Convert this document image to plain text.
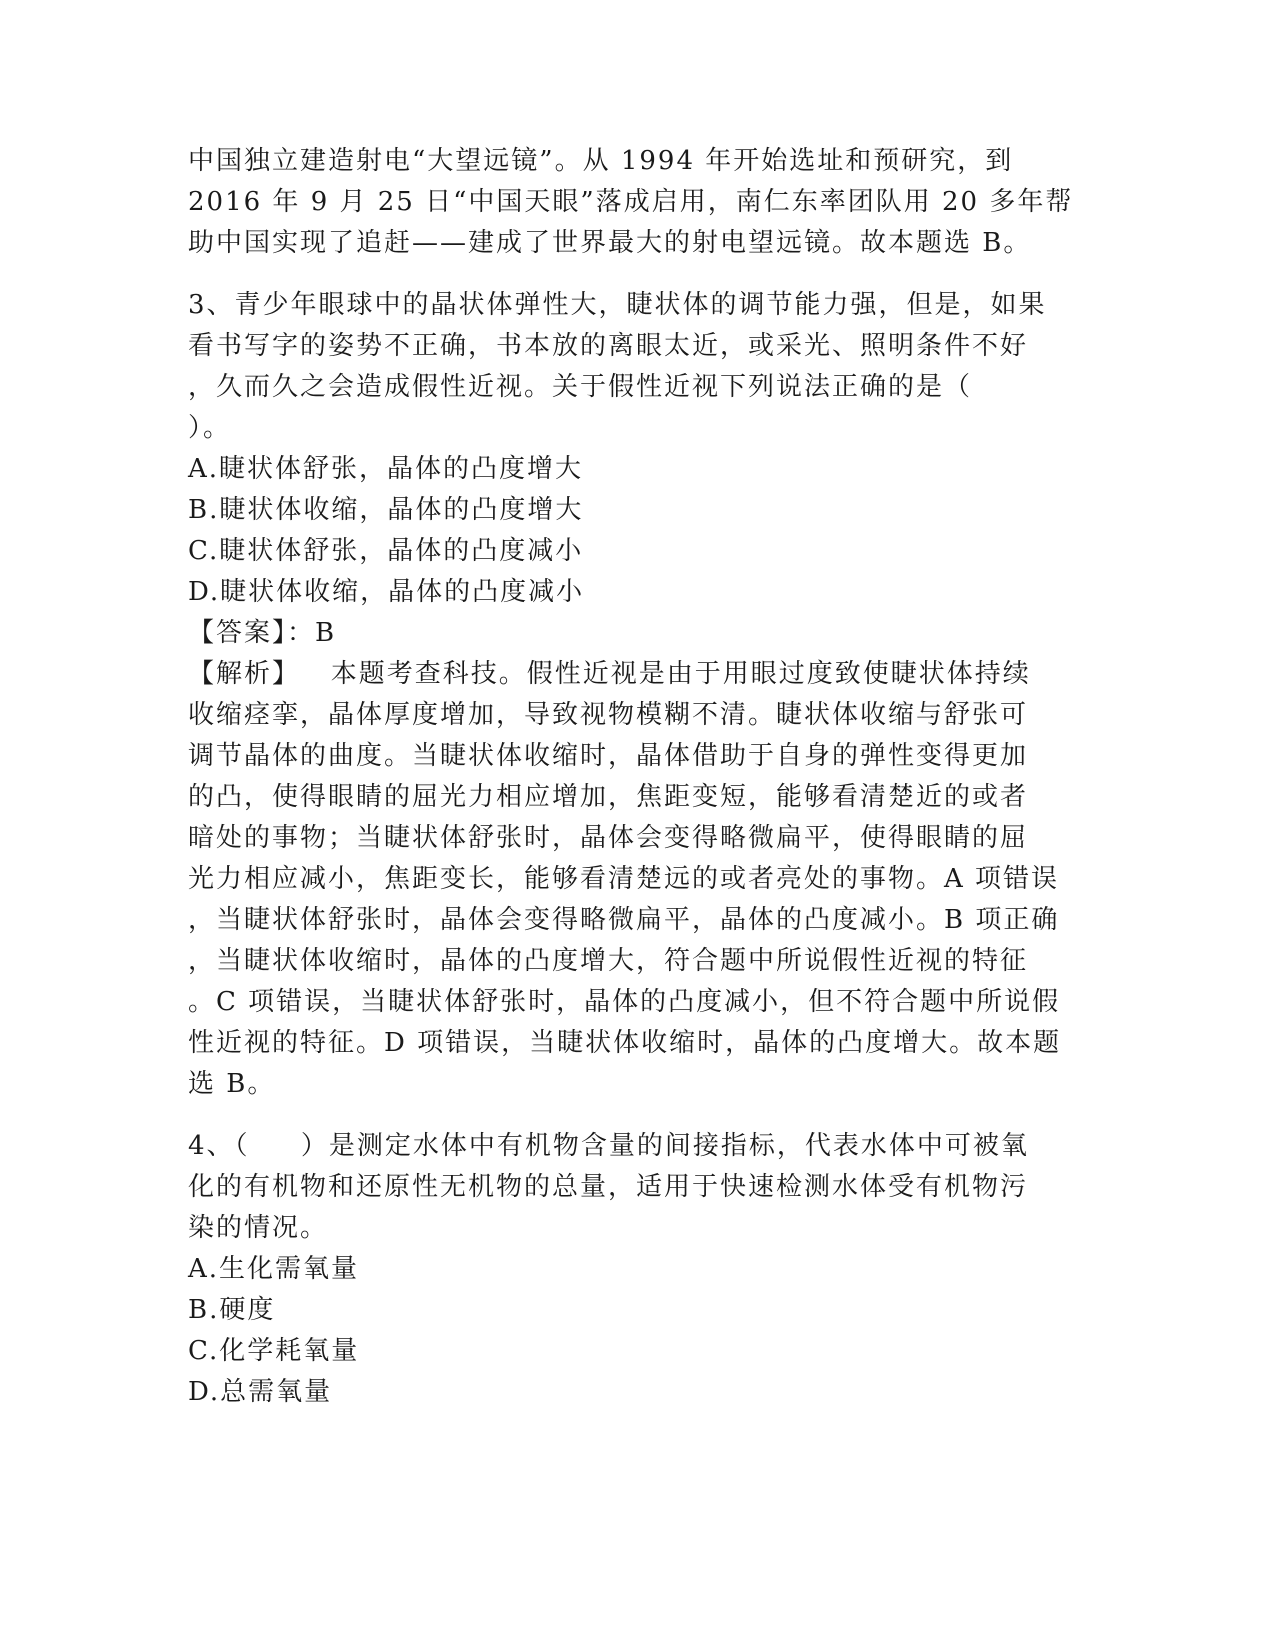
中国独立建造射电“大望远镜”。从 1994 年开始选址和预研究，到
2016 年 9 月 25 日“中国天眼”落成启用，南仁东率团队用 20 多年帮
助中国实现了追赶——建成了世界最大的射电望远镜。故本题选 B。
3、青少年眼球中的晶状体弹性大，睫状体的调节能力强，但是，如果
看书写字的姿势不正确，书本放的离眼太近，或采光、照明条件不好
，久而久之会造成假性近视。关于假性近视下列说法正确的是（
）。
A.睫状体舒张，晶体的凸度增大
B.睫状体收缩，晶体的凸度增大
C.睫状体舒张，晶体的凸度减小
D.睫状体收缩，晶体的凸度减小
【答案】：B
【解析】   本题考查科技。假性近视是由于用眼过度致使睫状体持续
收缩痉挛，晶体厚度增加，导致视物模糊不清。睫状体收缩与舒张可
调节晶体的曲度。当睫状体收缩时，晶体借助于自身的弹性变得更加
的凸，使得眼睛的屈光力相应增加，焦距变短，能够看清楚近的或者
暗处的事物；当睫状体舒张时，晶体会变得略微扁平，使得眼睛的屈
光力相应减小，焦距变长，能够看清楚远的或者亮处的事物。A 项错误
，当睫状体舒张时，晶体会变得略微扁平，晶体的凸度减小。B 项正确
，当睫状体收缩时，晶体的凸度增大，符合题中所说假性近视的特征
。C 项错误，当睫状体舒张时，晶体的凸度减小，但不符合题中所说假
性近视的特征。D 项错误，当睫状体收缩时，晶体的凸度增大。故本题
选 B。
4、（     ）是测定水体中有机物含量的间接指标，代表水体中可被氧
化的有机物和还原性无机物的总量，适用于快速检测水体受有机物污
染的情况。
A.生化需氧量
B.硬度
C.化学耗氧量
D.总需氧量
